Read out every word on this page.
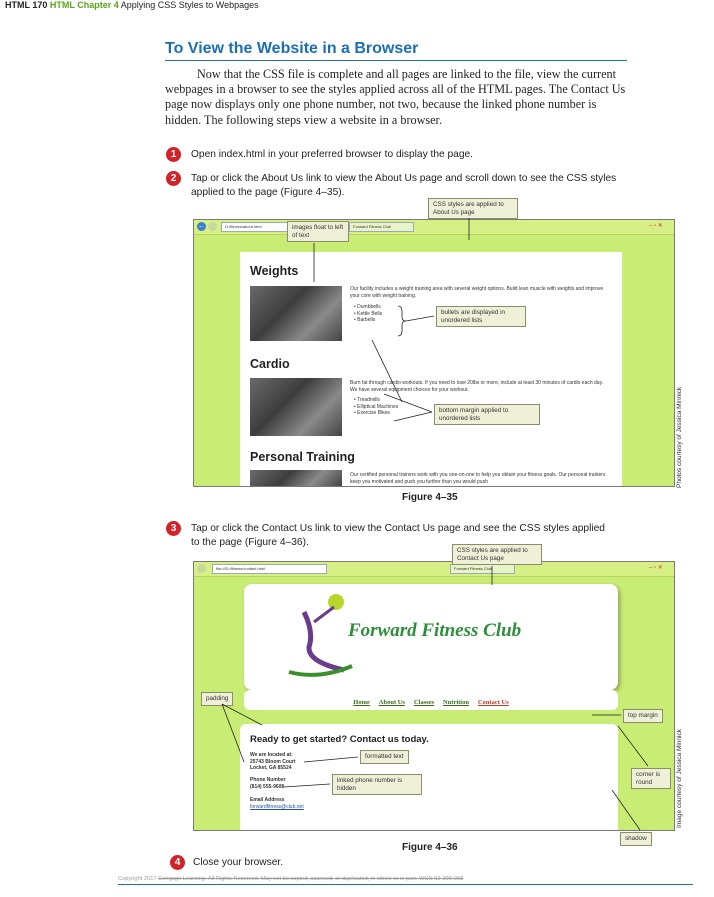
HTML 170 HTML Chapter 4 Applying CSS Styles to Webpages
To View the Website in a Browser
Now that the CSS file is complete and all pages are linked to the file, view the current webpages in a browser to see the styles applied across all of the HTML pages. The Contact Us page now displays only one phone number, not two, because the linked phone number is hidden. The following steps view a website in a browser.
1	Open index.html in your preferred browser to display the page.
2	Tap or click the About Us link to view the About Us page and scroll down to see the CSS styles applied to the page (Figure 4–35).
←	D:\fitness\about.html	Forward Fitness Club	– ▫ ✕
Weights
Our facility includes a weight training area with several weight options. Build lean muscle with weights and improve your core with weight training.
• Dumbbells
• Kettle Bells
• Barbells
Cardio
Burn fat through cardio workouts. If you need to lose 20lbs or more, include at least 30 minutes of cardio each day. We have several equipment choices for your workout.
• Treadmills
• Elliptical Machines
• Exercise Bikes
Personal Training
Our certified personal trainers work with you one-on-one to help you obtain your fitness goals. Our personal trainers keep you motivated and push you further than you would push
CSS styles are applied to About Us page
images float to left of text
bullets are displayed in unordered lists
bottom margin applied to unordered lists	Photos courtesy of Jessica Minnick
Figure 4–35
3	Tap or click the Contact Us link to view the Contact Us page and see the CSS styles applied to the page (Figure 4–36).
file:///D:/fitness/contact.html	Forward Fitness Club	– ▫ ✕
Forward Fitness Club
Home About Us Classes Nutrition Contact Us
Ready to get started? Contact us today.
We are located at:
25743 Bloom Court
Locket, GA 85524
Phone Number
(814) 555-9608
Email Address
forwardfitness@club.net
CSS styles are applied to Contact Us page
padding
formatted text
linked phone number is hidden
top margin
corner is round
shadow
Image courtesy of Jessica Minnick
Figure 4–36
4	Close your browser.
Copyright 2017 Cengage Learning. All Rights Reserved. May not be copied, scanned, or duplicated, in whole or in part. WCN 02-200-203
